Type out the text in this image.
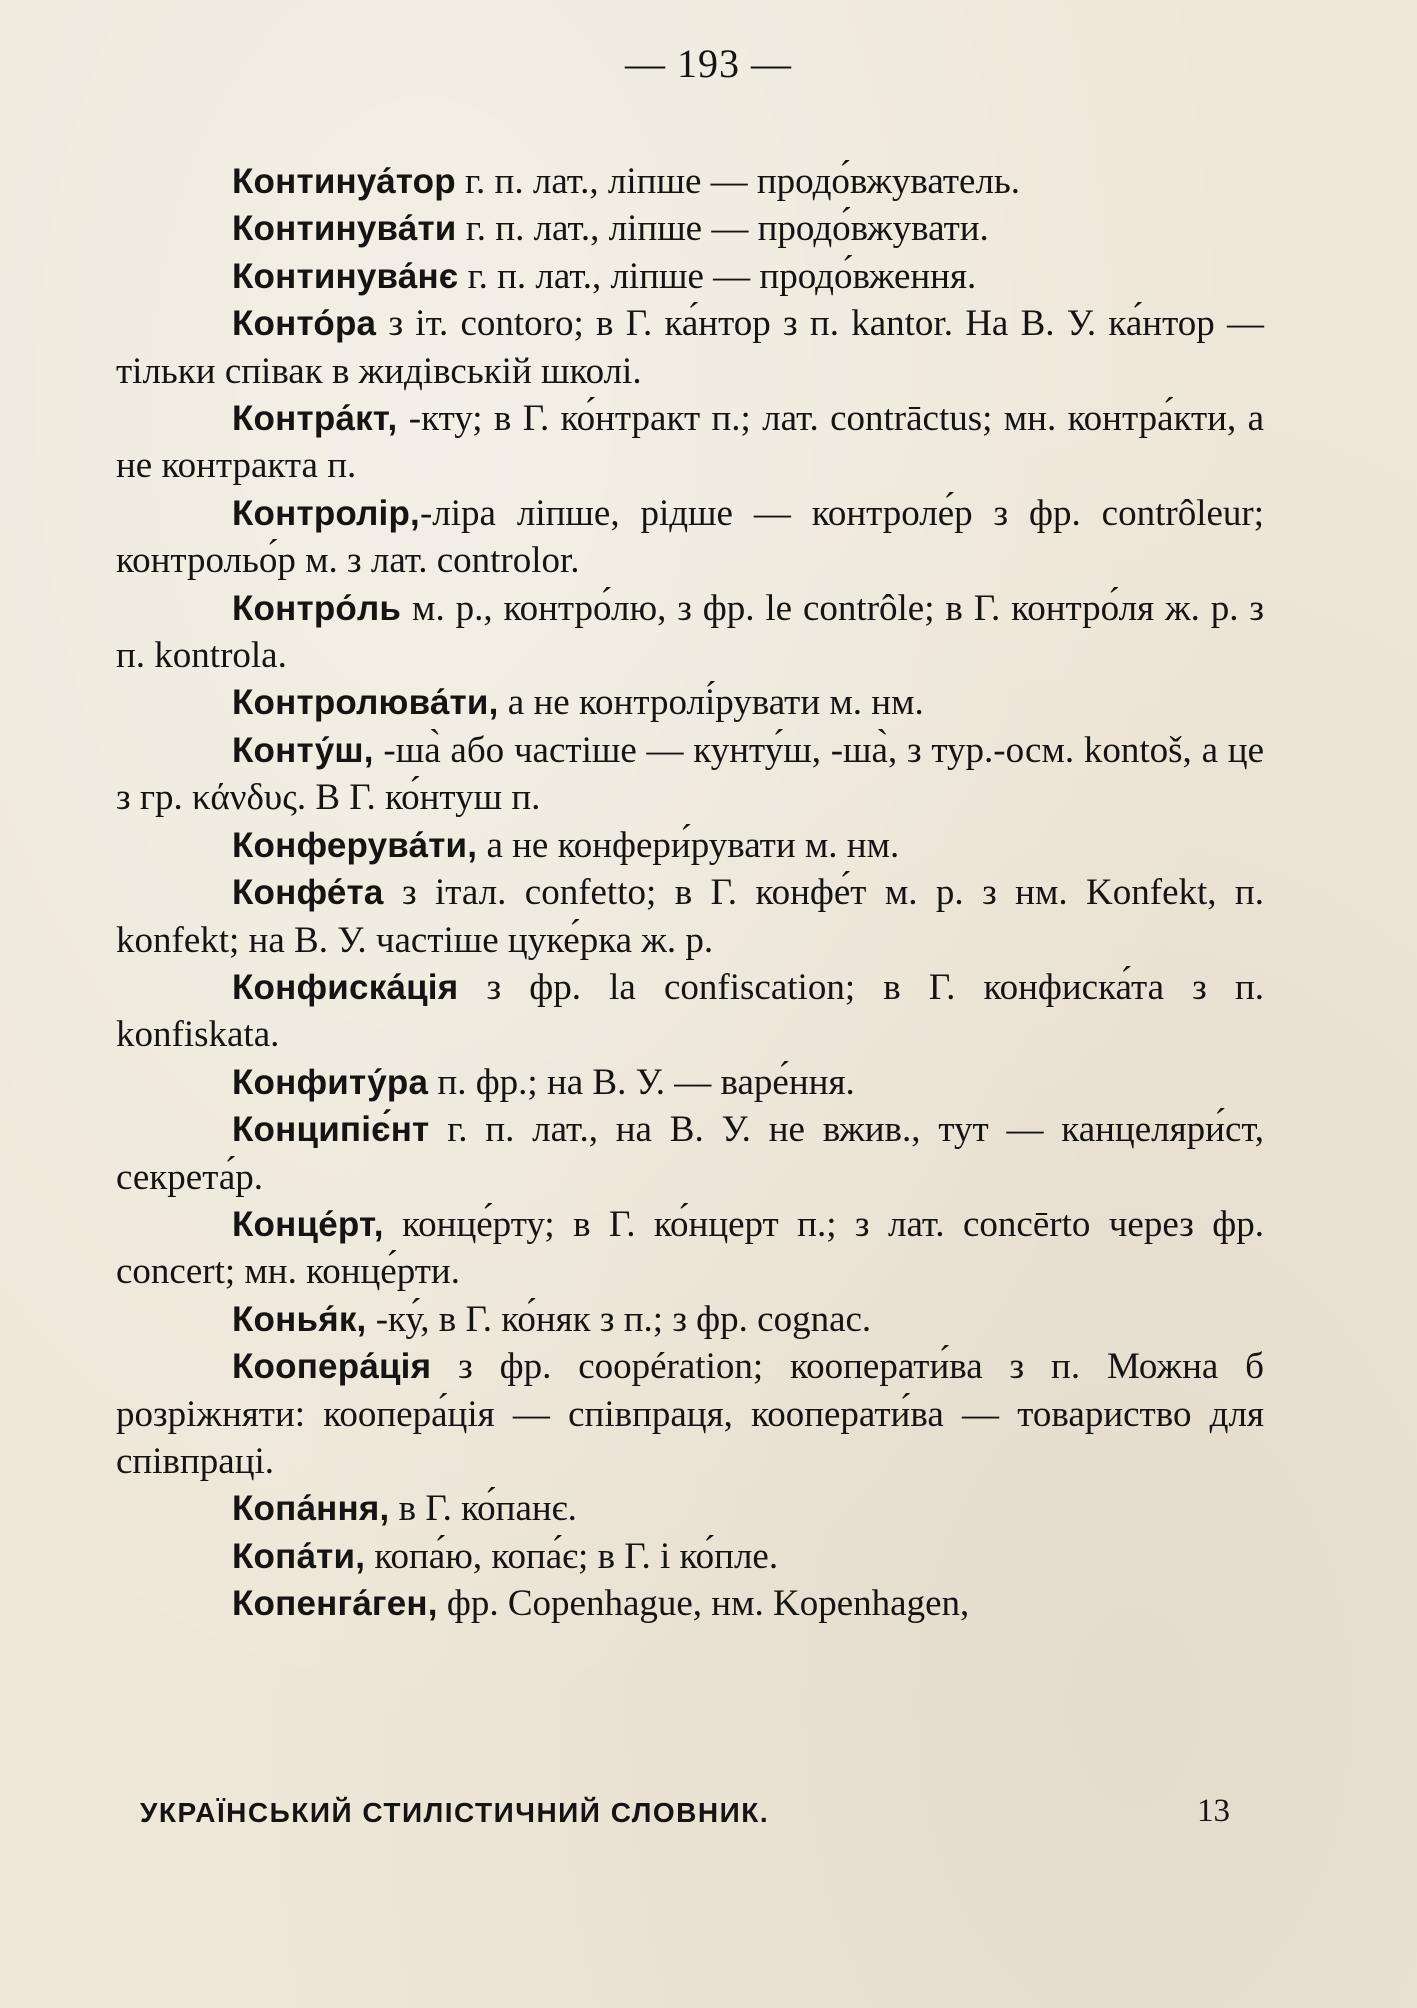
— 193 —

Континуа́тор г. п. лат., ліпше — продо́вжуватель.

Континува́ти г. п. лат., ліпше — продо́вжувати.

Континува́нє г. п. лат., ліпше — продо́вження.

Конто́ра з іт. contoro; в Г. ка́нтор з п. kantor. На В. У. ка́нтор — тільки співак в жидівській школі.

Контра́кт, -кту; в Г. ко́нтракт п.; лат. contrāctus; мн. контра́кти, а не контракта п.

Контролір,-ліра ліпше, рідше — контроле́р з фр. contrôleur; контрольо́р м. з лат. controlor.

Контро́ль м. р., контро́лю, з фр. le contrôle; в Г. контро́ля ж. р. з п. kontrola.

Контролюва́ти, а не контролі́рувати м. нм.

Конту́ш, -ша̀ або частіше — кунту́ш, -ша̀, з тур.-осм. kontoš, а це з гр. κάνδυς. В Г. ко́нтуш п.

Конферува́ти, а не конфери́рувати м. нм.

Конфе́та з італ. confetto; в Г. конфе́т м. р. з нм. Konfekt, п. konfekt; на В. У. частіше цуке́рка ж. р.

Конфиска́ція з фр. la confiscation; в Г. конфиска́та з п. konfiskata.

Конфиту́ра п. фр.; на В. У. — варе́ння.

Конципіє́нт г. п. лат., на В. У. не вжив., тут — канцеляри́ст, секрета́р.

Конце́рт, конце́рту; в Г. ко́нцерт п.; з лат. concērto через фр. concert; мн. конце́рти.

Конья́к, -ку́, в Г. ко́няк з п.; з фр. cognac.

Коопера́ція з фр. coopération; кооперати́ва з п. Можна б розріжняти: коопера́ція — співпраця, кооперати́ва — товариство для співпраці.

Копа́ння, в Г. ко́панє.

Копа́ти, копа́ю, копа́є; в Г. і ко́пле.

Копенга́ген, фр. Copenhague, нм. Kopenhagen,

УКРАЇНСЬКИЙ СТИЛІСТИЧНИЙ СЛОВНИК.	13
